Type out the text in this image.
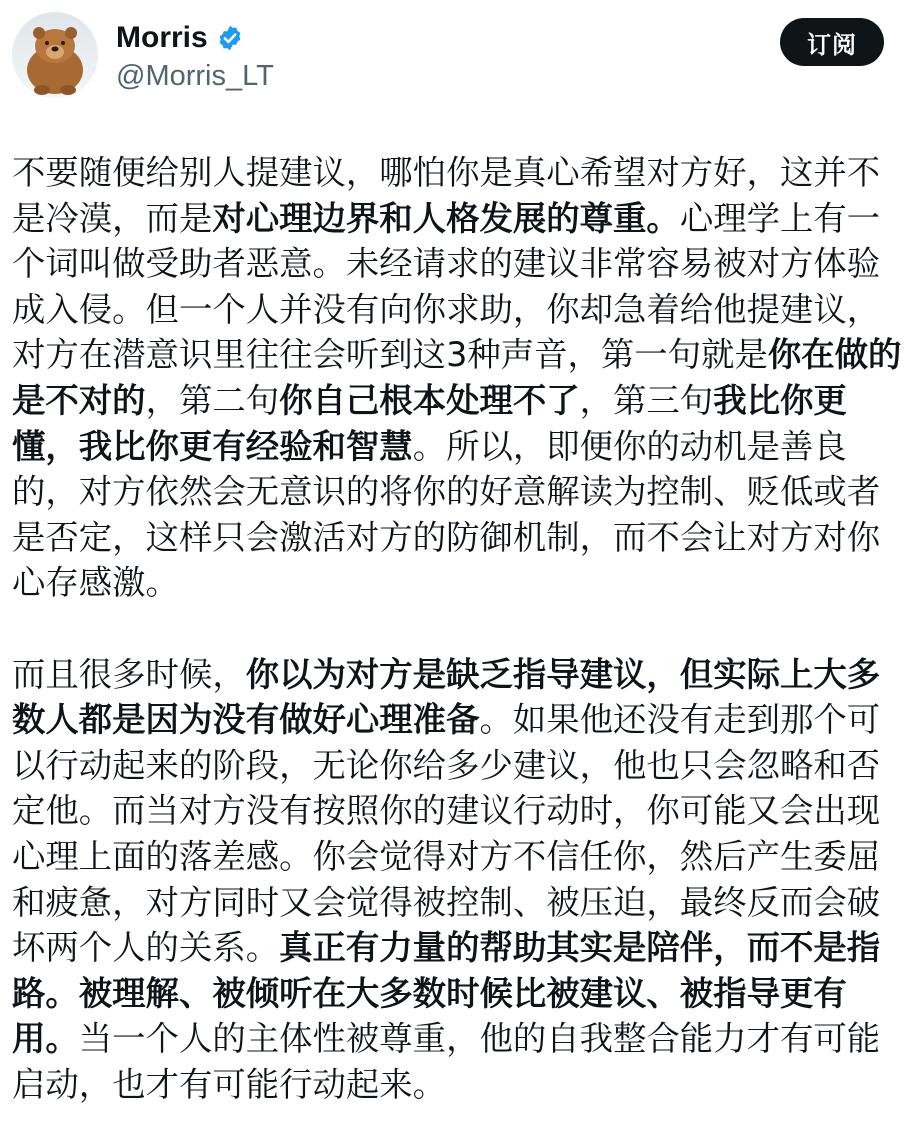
Morris
@Morris_LT
订阅

不要随便给别人提建议，哪怕你是真心希望对方好，这并不是冷漠，而是对心理边界和人格发展的尊重。心理学上有一个词叫做受助者恶意。未经请求的建议非常容易被对方体验成入侵。但一个人并没有向你求助，你却急着给他提建议，对方在潜意识里往往会听到这3种声音，第一句就是你在做的是不对的，第二句你自己根本处理不了，第三句我比你更懂，我比你更有经验和智慧。所以，即便你的动机是善良的，对方依然会无意识的将你的好意解读为控制、贬低或者是否定，这样只会激活对方的防御机制，而不会让对方对你心存感激。

而且很多时候，你以为对方是缺乏指导建议，但实际上大多数人都是因为没有做好心理准备。如果他还没有走到那个可以行动起来的阶段，无论你给多少建议，他也只会忽略和否定他。而当对方没有按照你的建议行动时，你可能又会出现心理上面的落差感。你会觉得对方不信任你，然后产生委屈和疲惫，对方同时又会觉得被控制、被压迫，最终反而会破坏两个人的关系。真正有力量的帮助其实是陪伴，而不是指路。被理解、被倾听在大多数时候比被建议、被指导更有用。当一个人的主体性被尊重，他的自我整合能力才有可能启动，也才有可能行动起来。
